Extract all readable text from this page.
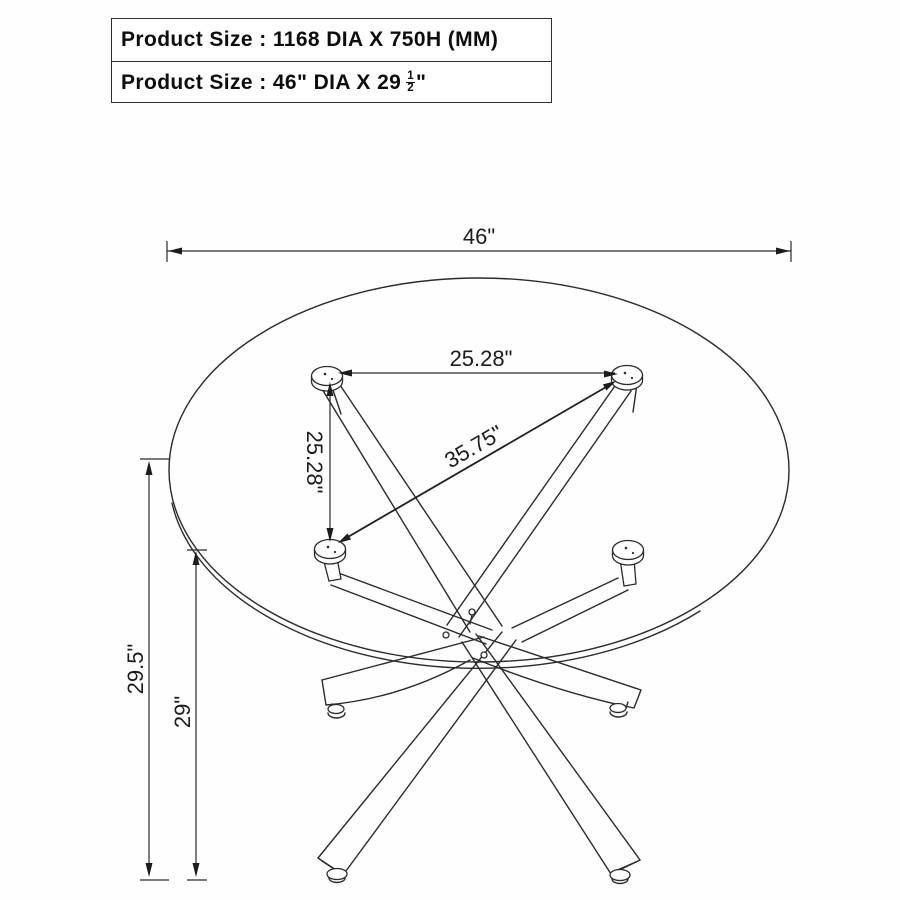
Product Size : 1168 DIA X 750H (MM)
Product Size : 46" DIA X $29 \frac{1}{2}$ "
46"
25.28"
25.28"	35.75"
29.5"
29"
